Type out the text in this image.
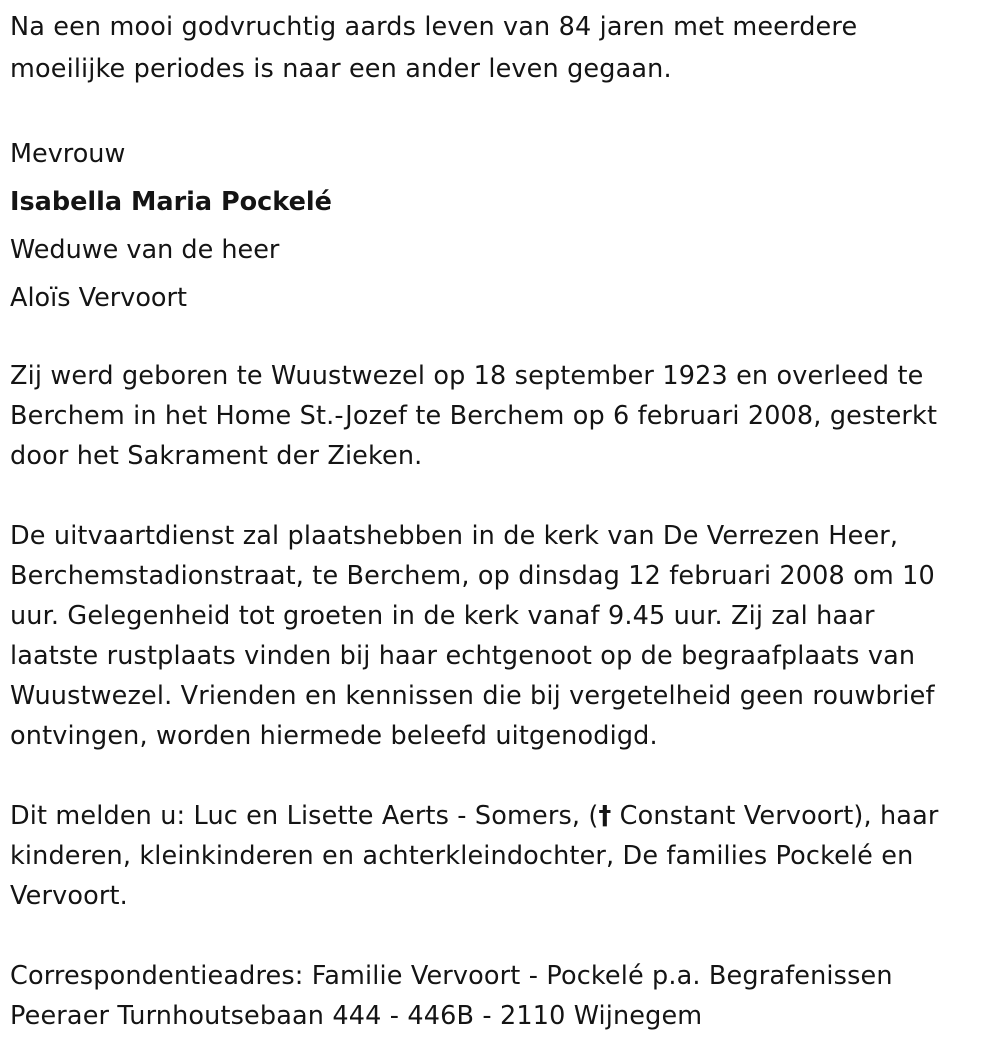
Na een mooi godvruchtig aards leven van 84 jaren met meerdere
moeilijke periodes is naar een ander leven gegaan.

Mevrouw
Isabella Maria Pockelé
Weduwe van de heer
Aloïs Vervoort

Zij werd geboren te Wuustwezel op 18 september 1923 en overleed te
Berchem in het Home St.-Jozef te Berchem op 6 februari 2008, gesterkt
door het Sakrament der Zieken.

De uitvaartdienst zal plaatshebben in de kerk van De Verrezen Heer,
Berchemstadionstraat, te Berchem, op dinsdag 12 februari 2008 om 10
uur. Gelegenheid tot groeten in de kerk vanaf 9.45 uur. Zij zal haar
laatste rustplaats vinden bij haar echtgenoot op de begraafplaats van
Wuustwezel. Vrienden en kennissen die bij vergetelheid geen rouwbrief
ontvingen, worden hiermede beleefd uitgenodigd.

Dit melden u: Luc en Lisette Aerts - Somers, († Constant Vervoort), haar
kinderen, kleinkinderen en achterkleindochter, De families Pockelé en
Vervoort.

Correspondentieadres: Familie Vervoort - Pockelé p.a. Begrafenissen
Peeraer Turnhoutsebaan 444 - 446B - 2110 Wijnegem
